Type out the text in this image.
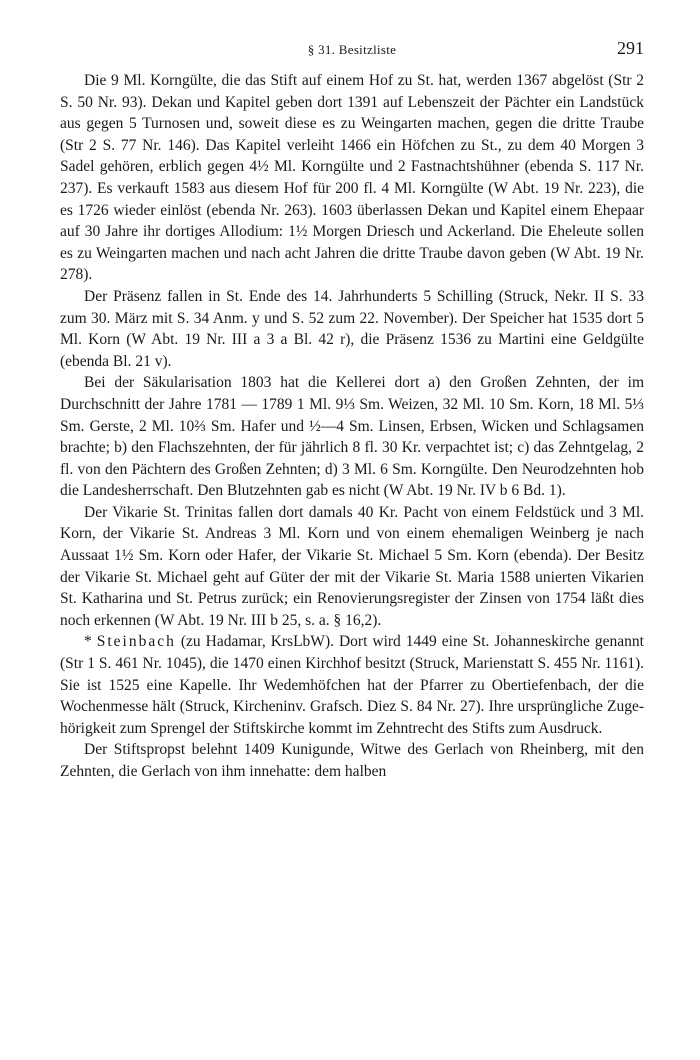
§ 31. Besitzliste	291

Die 9 Ml. Korngülte, die das Stift auf einem Hof zu St. hat, werden 1367 abgelöst (Str 2 S. 50 Nr. 93). Dekan und Kapitel geben dort 1391 auf Lebenszeit der Pächter ein Landstück aus gegen 5 Turnosen und, soweit diese es zu Weingarten machen, gegen die dritte Traube (Str 2 S. 77 Nr. 146). Das Kapitel verleiht 1466 ein Höfchen zu St., zu dem 40 Morgen 3 Sadel gehören, erblich gegen 4½ Ml. Korngülte und 2 Fastnachtshühner (ebenda S. 117 Nr. 237). Es verkauft 1583 aus diesem Hof für 200 fl. 4 Ml. Korngülte (W Abt. 19 Nr. 223), die es 1726 wieder einlöst (ebenda Nr. 263). 1603 überlassen Dekan und Kapitel einem Ehepaar auf 30 Jahre ihr dortiges Allodium: 1½ Morgen Driesch und Ackerland. Die Eheleute sollen es zu Weingarten machen und nach acht Jahren die dritte Traube davon geben (W Abt. 19 Nr. 278).

Der Präsenz fallen in St. Ende des 14. Jahrhunderts 5 Schilling (Struck, Nekr. II S. 33 zum 30. März mit S. 34 Anm. y und S. 52 zum 22. November). Der Speicher hat 1535 dort 5 Ml. Korn (W Abt. 19 Nr. III a 3 a Bl. 42 r), die Präsenz 1536 zu Martini eine Geldgülte (ebenda Bl. 21 v).

Bei der Säkularisation 1803 hat die Kellerei dort a) den Großen Zehnten, der im Durchschnitt der Jahre 1781 — 1789 1 Ml. 9⅓ Sm. Weizen, 32 Ml. 10 Sm. Korn, 18 Ml. 5⅓ Sm. Gerste, 2 Ml. 10⅔ Sm. Hafer und ½—4 Sm. Linsen, Erbsen, Wicken und Schlagsamen brachte; b) den Flachszehnten, der für jährlich 8 fl. 30 Kr. verpachtet ist; c) das Zehntgelag, 2 fl. von den Pächtern des Großen Zehnten; d) 3 Ml. 6 Sm. Korngülte. Den Neurodzehnten hob die Landesherrschaft. Den Blutzehnten gab es nicht (W Abt. 19 Nr. IV b 6 Bd. 1).

Der Vikarie St. Trinitas fallen dort damals 40 Kr. Pacht von einem Feldstück und 3 Ml. Korn, der Vikarie St. Andreas 3 Ml. Korn und von einem ehemaligen Weinberg je nach Aussaat 1½ Sm. Korn oder Hafer, der Vikarie St. Michael 5 Sm. Korn (ebenda). Der Besitz der Vikarie St. Michael geht auf Güter der mit der Vikarie St. Maria 1588 unierten Vikarien St. Katharina und St. Petrus zurück; ein Renovierungsregister der Zinsen von 1754 läßt dies noch erkennen (W Abt. 19 Nr. III b 25, s. a. § 16,2).

* Steinbach (zu Hadamar, KrsLbW). Dort wird 1449 eine St. Johanneskirche genannt (Str 1 S. 461 Nr. 1045), die 1470 einen Kirchhof besitzt (Struck, Marienstatt S. 455 Nr. 1161). Sie ist 1525 eine Kapelle. Ihr Wedemhöfchen hat der Pfarrer zu Obertiefenbach, der die Wochenmesse hält (Struck, Kircheninv. Grafsch. Diez S. 84 Nr. 27). Ihre ursprüngliche Zugehörigkeit zum Sprengel der Stiftskirche kommt im Zehntrecht des Stifts zum Ausdruck.

Der Stiftspropst belehnt 1409 Kunigunde, Witwe des Gerlach von Rheinberg, mit den Zehnten, die Gerlach von ihm innehatte: dem halben
